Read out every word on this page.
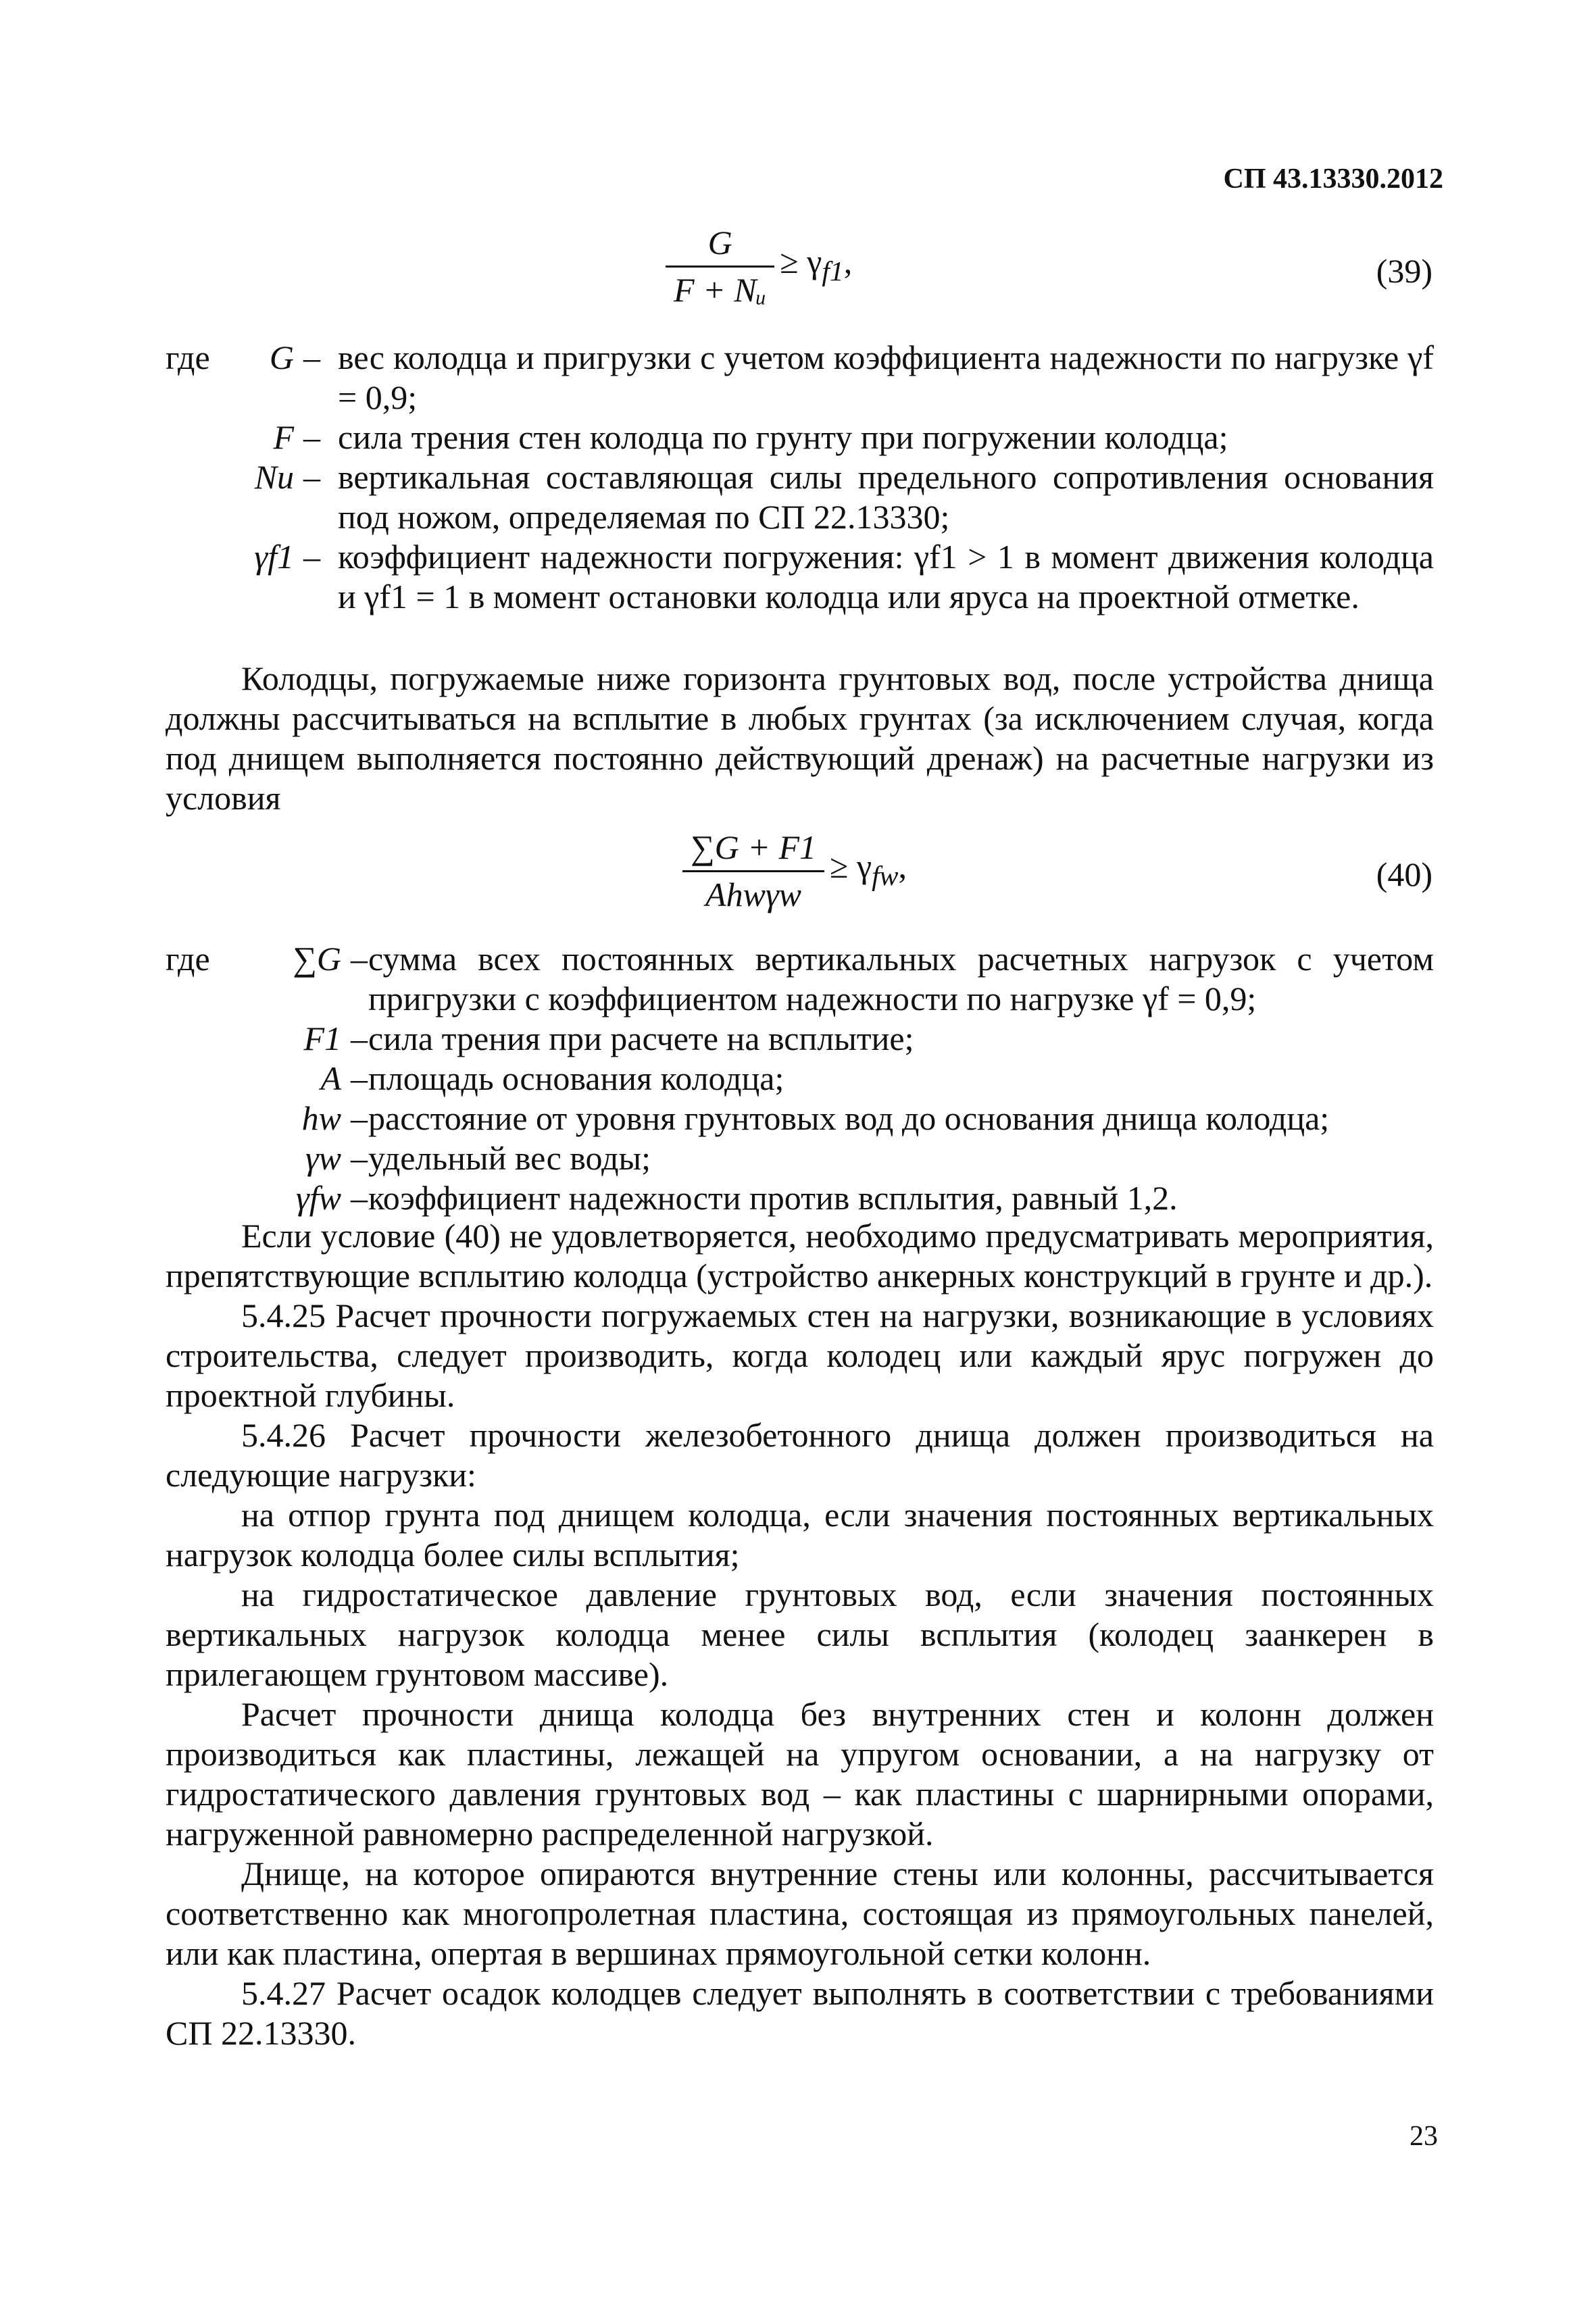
СП 43.13330.2012
$\frac{G}{\text{F + Nᵤ}} \ge \gamma_{f1}$,	(39)
где	G – вес колодца и пригрузки с учетом коэффициента надежности по нагрузке γf = 0,9;
F – сила трения стен колодца по грунту при погружении колодца;
Nu – вертикальная составляющая силы предельного сопротивления основания под ножом, определяемая по СП 22.13330;
γf1 – коэффициент надежности погружения: γf1 > 1 в момент движения колодца и γf1 = 1 в момент остановки колодца или яруса на проектной отметке.

Колодцы, погружаемые ниже горизонта грунтовых вод, после устройства днища должны рассчитываться на всплытие в любых грунтах (за исключением случая, когда под днищем выполняется постоянно действующий дренаж) на расчетные нагрузки из условия

$\frac{\sum G + F1}{\text{Ahwγw}} \ge \gamma_{fw}$,	(40)
где	∑G – сумма всех постоянных вертикальных расчетных нагрузок с учетом пригрузки с коэффициентом надежности по нагрузке γf = 0,9;
F1 – сила трения при расчете на всплытие;
A – площадь основания колодца;
hw – расстояние от уровня грунтовых вод до основания днища колодца;
γw – удельный вес воды;
γfw – коэффициент надежности против всплытия, равный 1,2.

Если условие (40) не удовлетворяется, необходимо предусматривать мероприятия, препятствующие всплытию колодца (устройство анкерных конструкций в грунте и др.).

5.4.25 Расчет прочности погружаемых стен на нагрузки, возникающие в условиях строительства, следует производить, когда колодец или каждый ярус погружен до проектной глубины.

5.4.26 Расчет прочности железобетонного днища должен производиться на следующие нагрузки:

на отпор грунта под днищем колодца, если значения постоянных вертикальных нагрузок колодца более силы всплытия;

на гидростатическое давление грунтовых вод, если значения постоянных вертикальных нагрузок колодца менее силы всплытия (колодец заанкерен в прилегающем грунтовом массиве).

Расчет прочности днища колодца без внутренних стен и колонн должен производиться как пластины, лежащей на упругом основании, а на нагрузку от гидростатического давления грунтовых вод – как пластины с шарнирными опорами, нагруженной равномерно распределенной нагрузкой.

Днище, на которое опираются внутренние стены или колонны, рассчитывается соответственно как многопролетная пластина, состоящая из прямоугольных панелей, или как пластина, опертая в вершинах прямоугольной сетки колонн.

5.4.27 Расчет осадок колодцев следует выполнять в соответствии с требованиями СП 22.13330.

23
